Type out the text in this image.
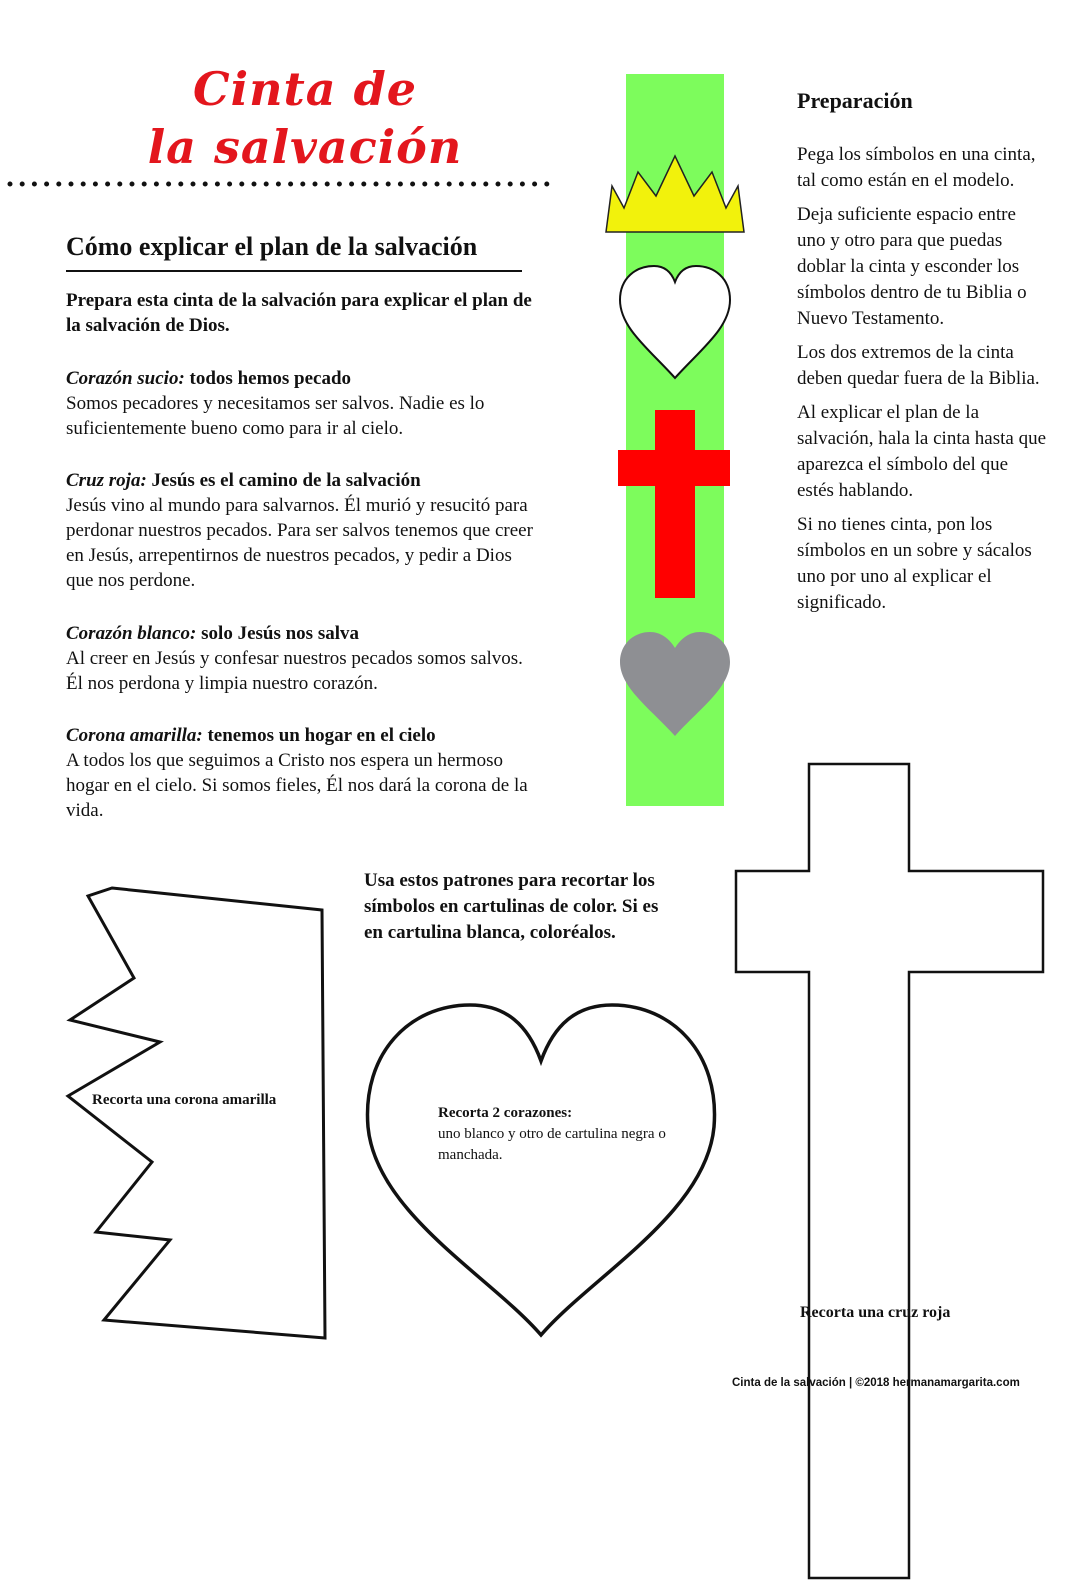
Cinta de
la salvación
Cómo explicar el plan de la salvación

Prepara esta cinta de la salvación para explicar el plan de la salvación de Dios.

Corazón sucio: todos hemos pecado

Somos pecadores y necesitamos ser salvos. Nadie es lo suficientemente bueno como para ir al cielo.

Cruz roja: Jesús es el camino de la salvación

Jesús vino al mundo para salvarnos. Él murió y resucitó para perdonar nuestros pecados. Para ser salvos tenemos que creer en Jesús, arrepentirnos de nuestros pecados, y pedir a Dios que nos perdone.

Corazón blanco: solo Jesús nos salva

Al creer en Jesús y confesar nuestros pecados somos salvos. Él nos perdona y limpia nuestro corazón.

Corona amarilla: tenemos un hogar en el cielo

A todos los que seguimos a Cristo nos espera un hermoso hogar en el cielo. Si somos fieles, Él nos dará la corona de la vida.

Preparación

Pega los símbolos en una cinta, tal como están en el modelo.

Deja suficiente espacio entre uno y otro para que puedas doblar la cinta y esconder los símbolos dentro de tu Biblia o Nuevo Testamento.

Los dos extremos de la cinta deben quedar fuera de la Biblia.

Al explicar el plan de la salvación, hala la cinta hasta que aparezca el símbolo del que estés hablando.

Si no tienes cinta, pon los símbolos en un sobre y sácalos uno por uno al explicar el significado.

Usa estos patrones para recortar los símbolos en cartulinas de color. Si es en cartulina blanca, coloréalos.

Recorta una corona amarilla
Recorta 2 corazones:
uno blanco y otro de cartulina negra o manchada.
Recorta una cruz roja
Cinta de la salvación | ©2018 hermanamargarita.com
